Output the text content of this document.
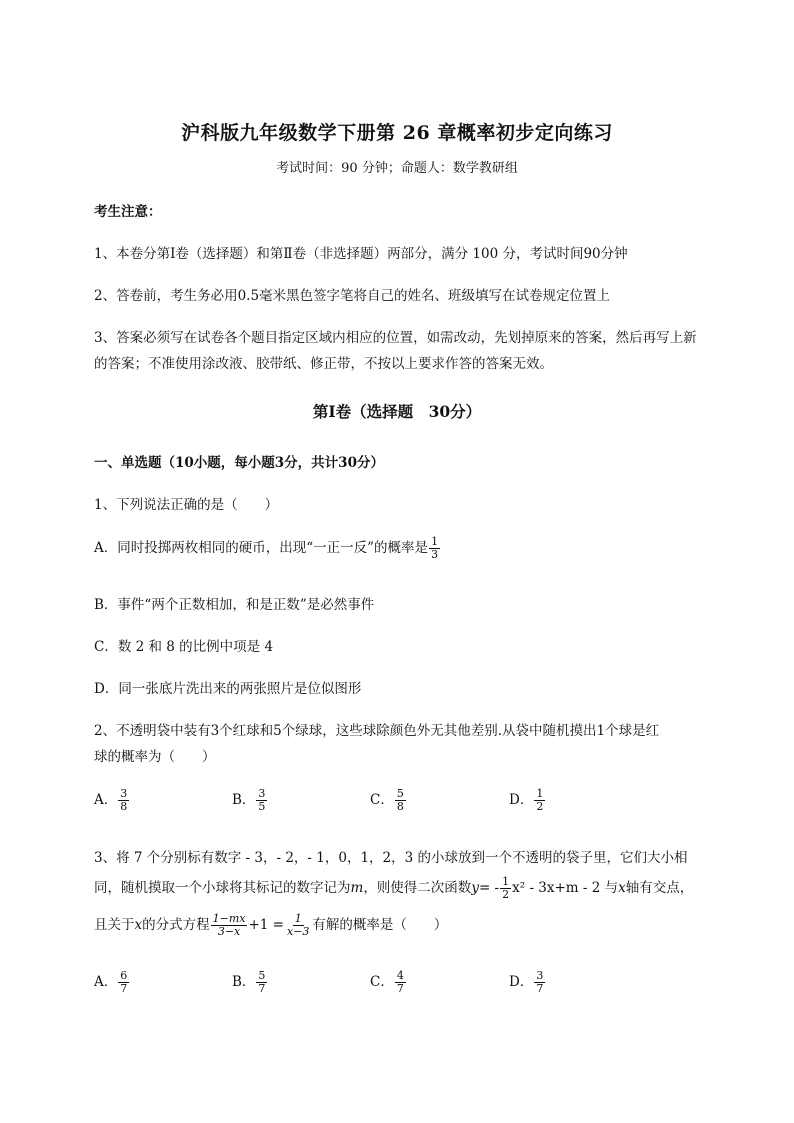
沪科版九年级数学下册第 26 章概率初步定向练习
考试时间：90 分钟；命题人：数学教研组
考生注意：
1、本卷分第Ⅰ卷（选择题）和第Ⅱ卷（非选择题）两部分，满分 100 分，考试时间90分钟
2、答卷前，考生务必用0.5毫米黑色签字笔将自己的姓名、班级填写在试卷规定位置上
3、答案必须写在试卷各个题目指定区域内相应的位置，如需改动，先划掉原来的答案，然后再写上新
的答案；不准使用涂改液、胶带纸、修正带，不按以上要求作答的答案无效。
第Ⅰ卷（选择题　30分）
一、单选题（10小题，每小题3分，共计30分）
1、下列说法正确的是（　　）
A．同时投掷两枚相同的硬币，出现“一正一反”的概率是 $\frac{1}{3}$
B．事件“两个正数相加，和是正数”是必然事件
C．数 2 和 8 的比例中项是 4
D．同一张底片洗出来的两张照片是位似图形
2、不透明袋中装有3个红球和5个绿球，这些球除颜色外无其他差别.从袋中随机摸出1个球是红
球的概率为（　　）
A． $\frac{3}{8}$	B． $\frac{3}{5}$	C． $\frac{5}{8}$	D． $\frac{1}{2}$
3、将 7 个分别标有数字 - 3，- 2，- 1，0，1，2，3 的小球放到一个不透明的袋子里，它们大小相
同，随机摸取一个小球将其标记的数字记为m，则使得二次函数$y= - \frac{1}{2} x^2 - 3x+m - 2$ 与x轴有交点，
且关于x的分式方程 $\frac{1-mx}{3-x} +1 = \frac{1}{x-3}$ 有解的概率是（　　）
A． $\frac{6}{7}$	B． $\frac{5}{7}$	C． $\frac{4}{7}$	D． $\frac{3}{7}$
